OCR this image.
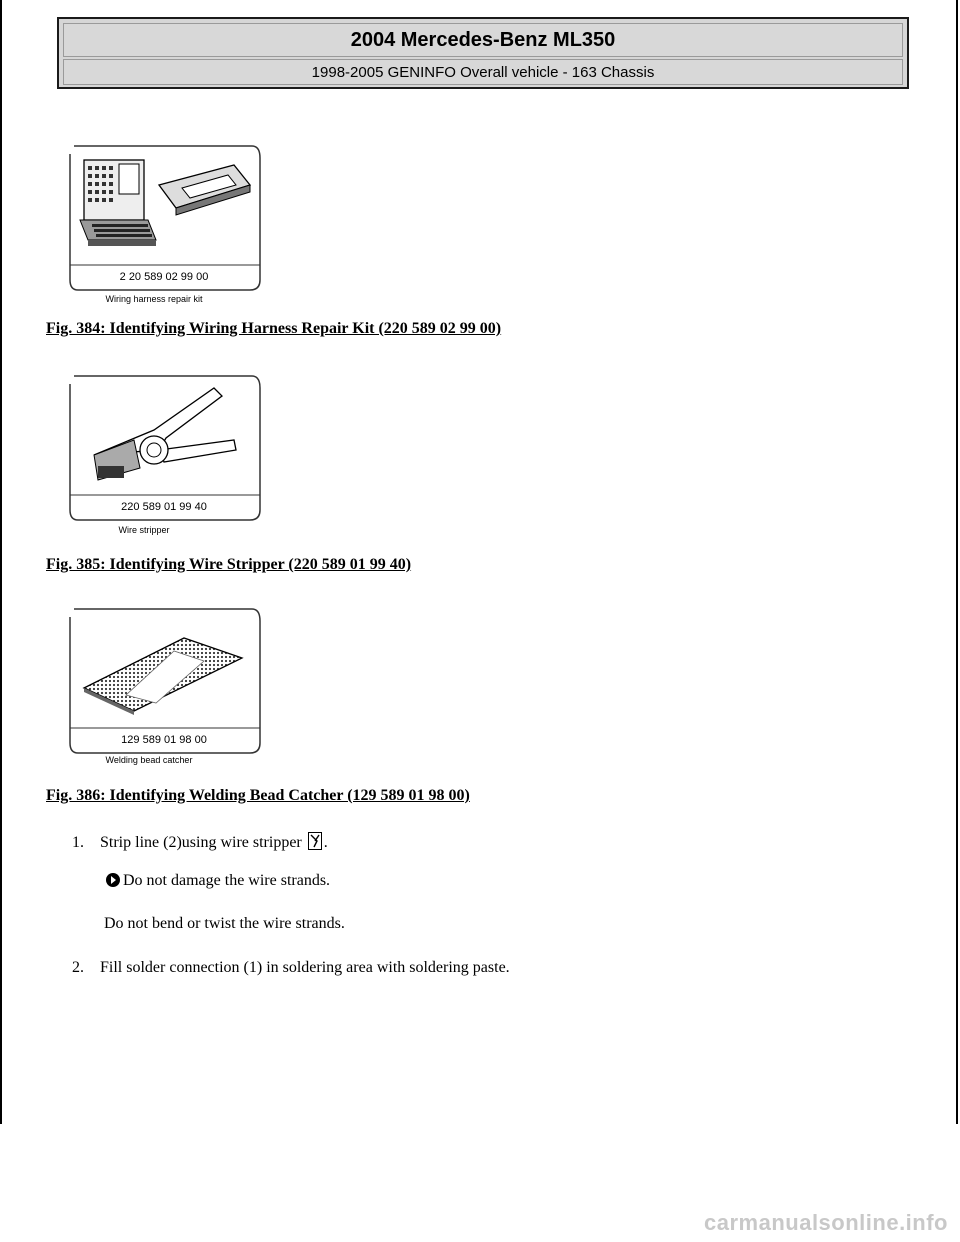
2004 Mercedes-Benz ML350
1998-2005 GENINFO Overall vehicle - 163 Chassis
2 20 589 02 99 00
Wiring harness repair kit
Fig. 384: Identifying Wiring Harness Repair Kit (220 589 02 99 00)
220 589 01 99 40
Wire stripper
Fig. 385: Identifying Wire Stripper (220 589 01 99 40)
129 589 01 98 00
Welding bead catcher
Fig. 386: Identifying Welding Bead Catcher (129 589 01 98 00)
1. Strip line (2)using wire stripper .
Do not damage the wire strands.
Do not bend or twist the wire strands.
2. Fill solder connection (1) in soldering area with soldering paste.
carmanualsonline.info
